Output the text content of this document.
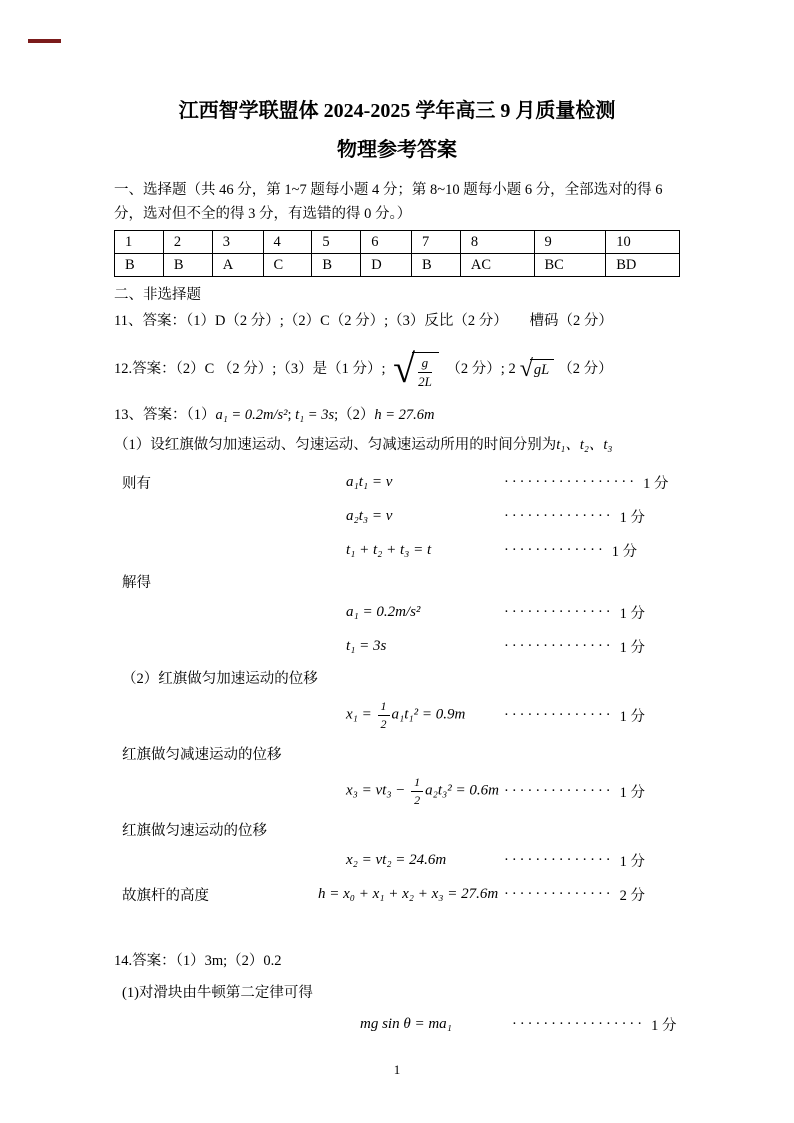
江西智学联盟体 2024-2025 学年高三 9 月质量检测
物理参考答案

一、选择题（共 46 分，第 1~7 题每小题 4 分；第 8~10 题每小题 6 分，全部选对的得 6 分，选对但不全的得 3 分，有选错的得 0 分。）

1	2	3	4	5	6	7	8	9	10
B	B	A	C	B	D	B	AC	BC	BD

二、非选择题

11、答案：（1）D（2 分）;（2）C（2 分）;（3）反比（2 分）　　槽码（2 分）

12.答案：（2）C （2 分）;（3）是（1 分）; √ $\frac{g}{2L} (2$ 分）; 2 √ gL （2 分）

13、答案：（1）a₁ = 0.2m/s²; t₁ = 3s;（2）h = 27.6m

（1）设红旗做匀加速运动、匀速运动、匀减速运动所用的时间分别为t₁、t₂、t₃

则有	a₁t₁ = v	················· 1 分
a₂t₃ = v	·············· 1 分
t₁ + t₂ + t₃ = t	············· 1 分

解得

a₁ = 0.2m/s²	·············· 1 分
t₁ = 3s	·············· 1 分

（2）红旗做匀加速运动的位移

$x_1 = \frac{1}{2} a_1t_1^2 = 0.9m$	·············· 1 分

红旗做匀减速运动的位移

$x_3 = vt_3 - \frac{1}{2} a_2t_3^2 = 0.6m$ ·············· 1 分

红旗做匀速运动的位移

x₂ = vt₂ = 24.6m	·············· 1 分
故旗杆的高度	h = x₀ + x₁ + x₂ + x₃ = 27.6m ·············· 2 分

14.答案：（1）3m;（2）0.2

(1)对滑块由牛顿第二定律可得

mg sin θ = ma₁	················· 1 分
1
